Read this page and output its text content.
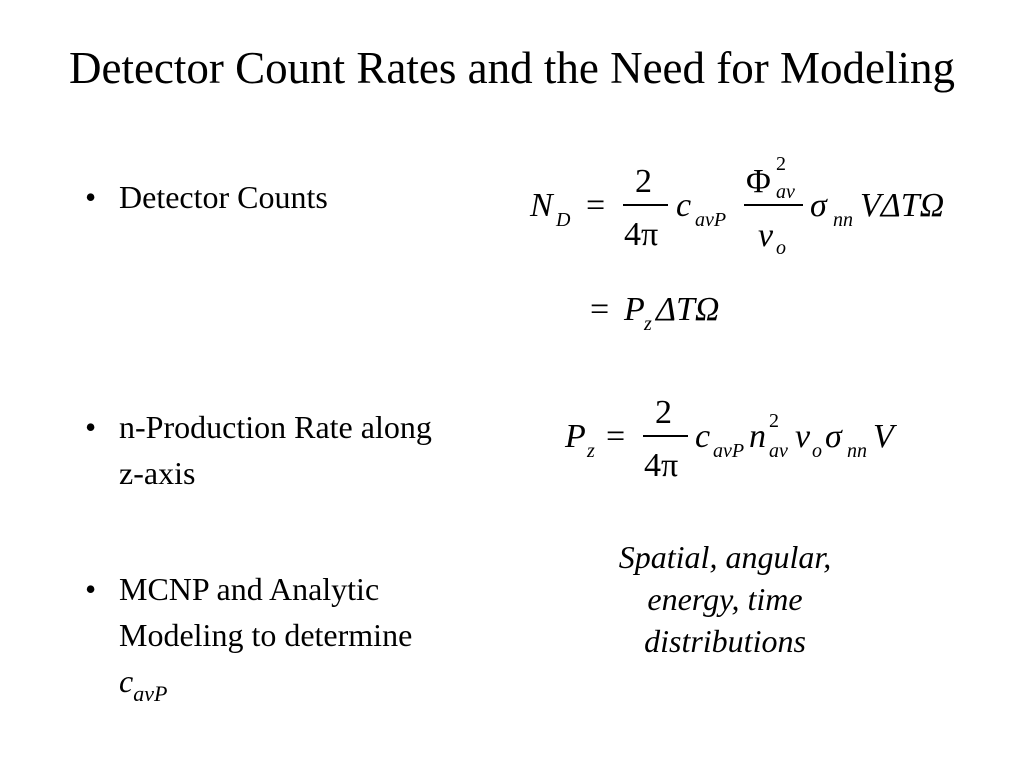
Detector Count Rates and the Need for Modeling
• Detector Counts
• n-Production Rate along
z-axis
• MCNP and Analytic
Modeling to determine
$c_{avP}$
N D =
2
4π
c avP
Φ 2
av
v o
σ nn VΔTΩ
= P z ΔTΩ
P z =
2
4π
c avP n 2
av v o σ nn V
Spatial, angular,
energy, time
distributions
